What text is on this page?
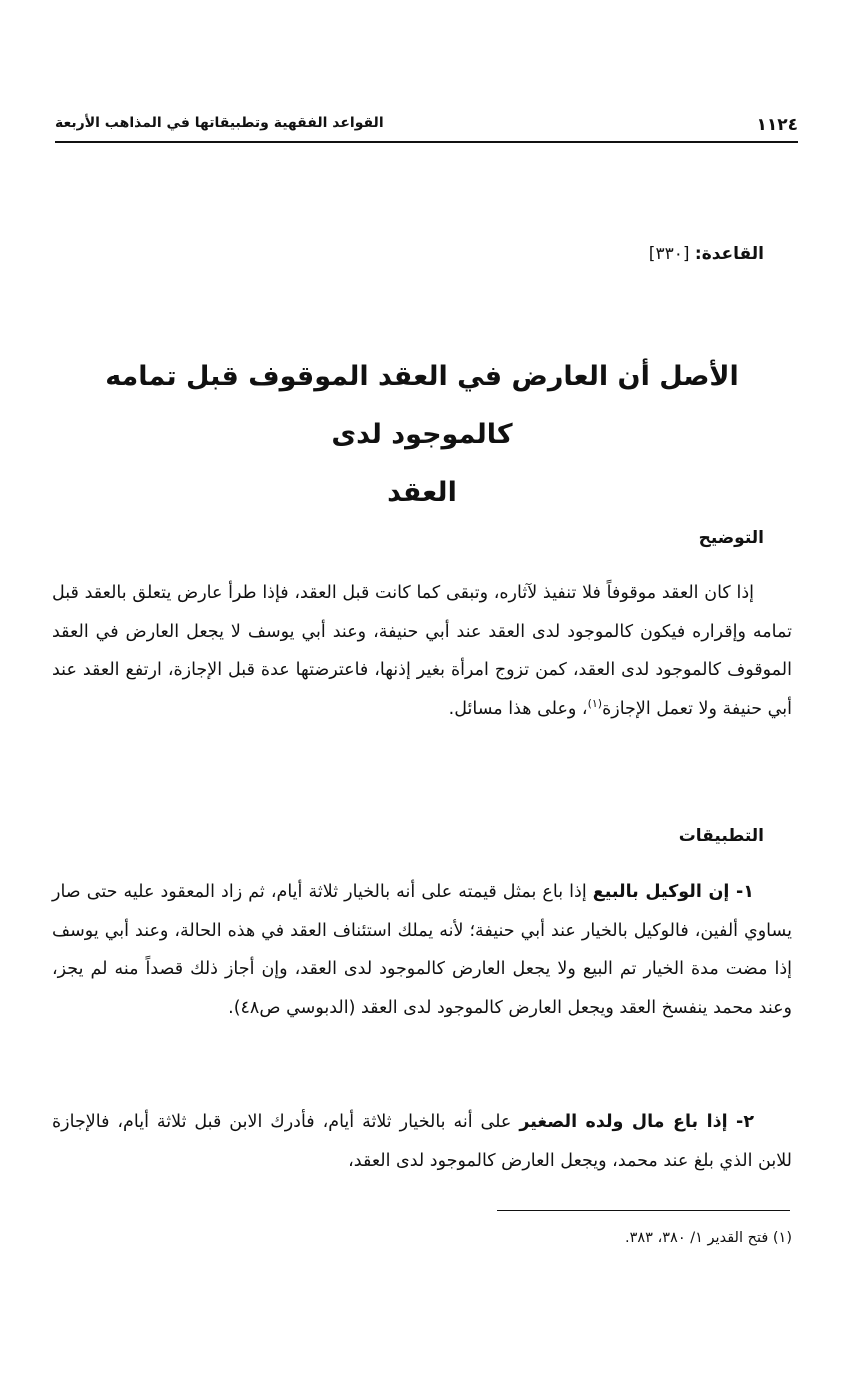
١١٢٤
القواعد الفقهية وتطبيقاتها في المذاهب الأربعة
القاعدة: [٣٣٠]
الأصل أن العارض في العقد الموقوف قبل تمامه كالموجود لدى
العقد
التوضيح
إذا كان العقد موقوفاً فلا تنفيذ لآثاره، وتبقى كما كانت قبل العقد، فإذا طرأ عارض يتعلق بالعقد قبل تمامه وإقراره فيكون كالموجود لدى العقد عند أبي حنيفة، وعند أبي يوسف لا يجعل العارض في العقد الموقوف كالموجود لدى العقد، كمن تزوج امرأة بغير إذنها، فاعترضتها عدة قبل الإجازة، ارتفع العقد عند أبي حنيفة ولا تعمل الإجازة$^{(١)}$، وعلى هذا مسائل.
التطبيقات
١- إن الوكيل بالبيع إذا باع بمثل قيمته على أنه بالخيار ثلاثة أيام، ثم زاد المعقود عليه حتى صار يساوي ألفين، فالوكيل بالخيار عند أبي حنيفة؛ لأنه يملك استئناف العقد في هذه الحالة، وعند أبي يوسف إذا مضت مدة الخيار تم البيع ولا يجعل العارض كالموجود لدى العقد، وإن أجاز ذلك قصداً منه لم يجز، وعند محمد ينفسخ العقد ويجعل العارض كالموجود لدى العقد (الدبوسي ص٤٨).
٢- إذا باع مال ولده الصغير على أنه بالخيار ثلاثة أيام، فأدرك الابن قبل ثلاثة أيام، فالإجازة للابن الذي بلغ عند محمد، ويجعل العارض كالموجود لدى العقد،
(١) فتح القدير ١/ ٣٨٠، ٣٨٣.
